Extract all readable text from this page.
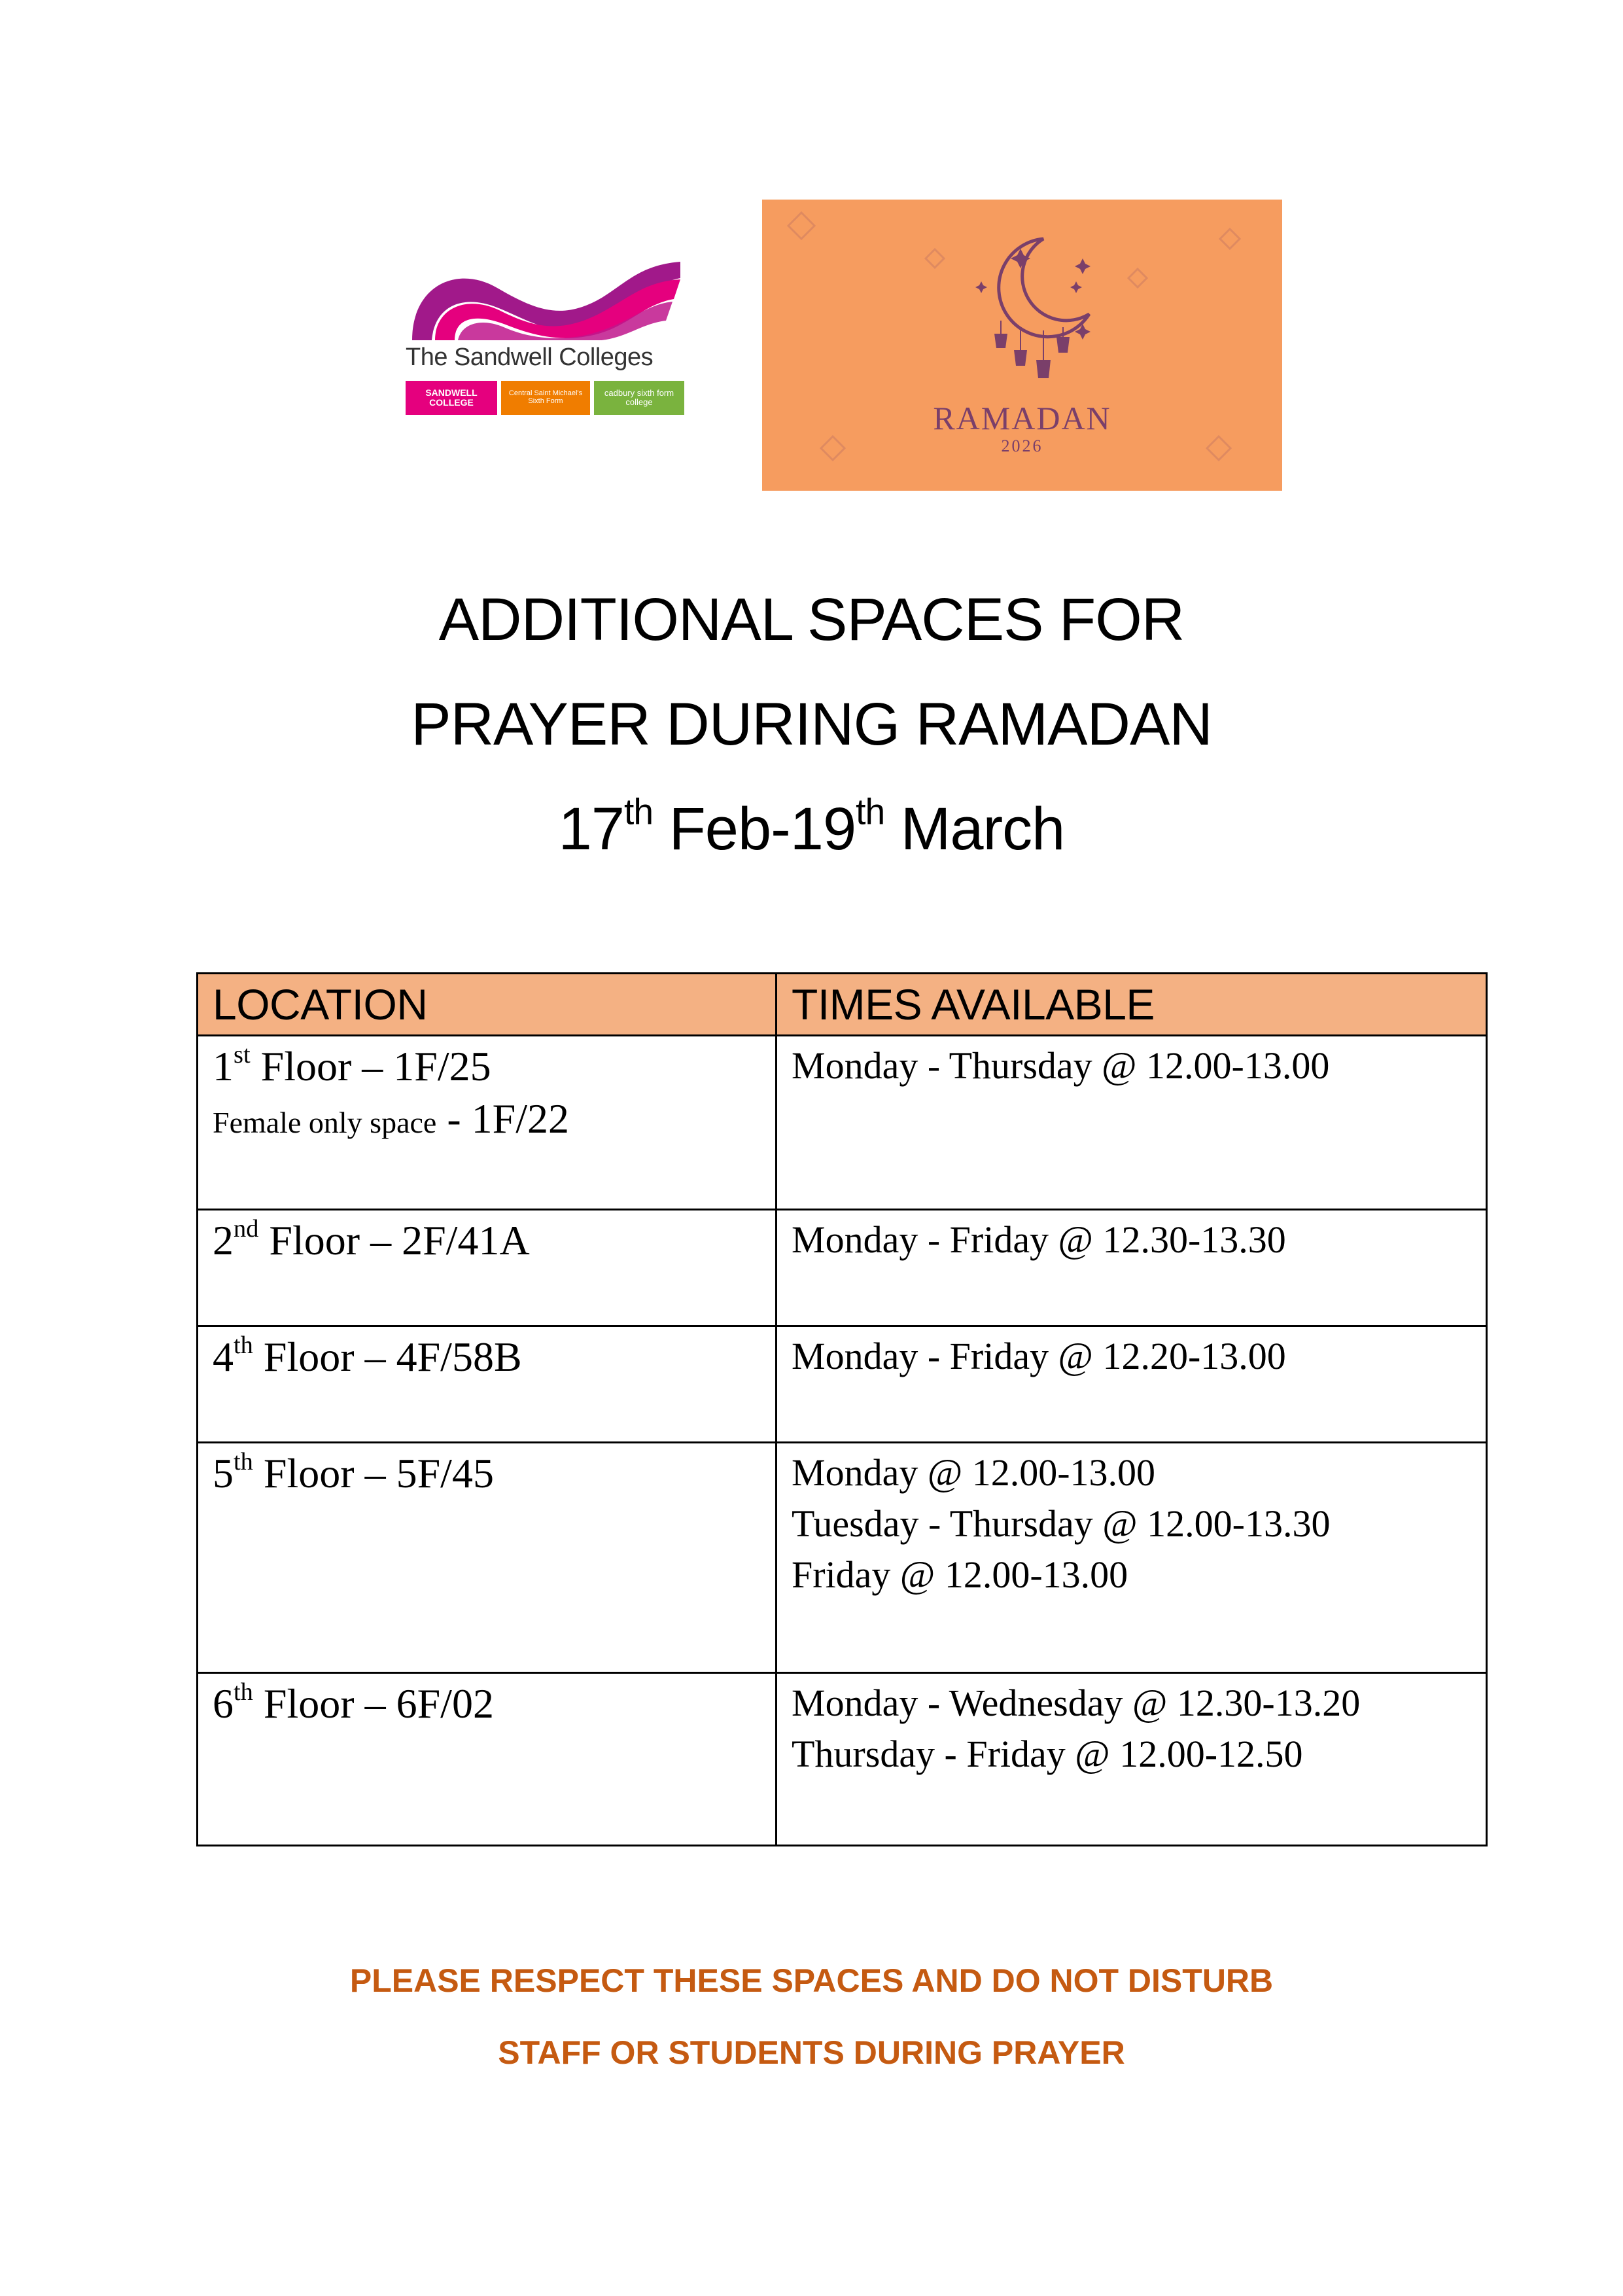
The Sandwell Colleges
SANDWELL COLLEGE
Central Saint Michael's Sixth Form
cadbury sixth form college	RAMADAN
2026
ADDITIONAL SPACES FOR
PRAYER DURING RAMADAN
17th Feb-19th March
LOCATION	TIMES AVAILABLE

1st Floor – 1F/25
Female only space - 1F/22	Monday - Thursday @ 12.00-13.00

2nd Floor – 2F/41A	Monday - Friday @ 12.30-13.30

4th Floor – 4F/58B	Monday - Friday @ 12.20-13.00

5th Floor – 5F/45	Monday @ 12.00-13.00
Tuesday - Thursday @ 12.00-13.30
Friday @ 12.00-13.00

6th Floor – 6F/02	Monday - Wednesday @ 12.30-13.20
Thursday - Friday @ 12.00-12.50
PLEASE RESPECT THESE SPACES AND DO NOT DISTURB
STAFF OR STUDENTS DURING PRAYER
